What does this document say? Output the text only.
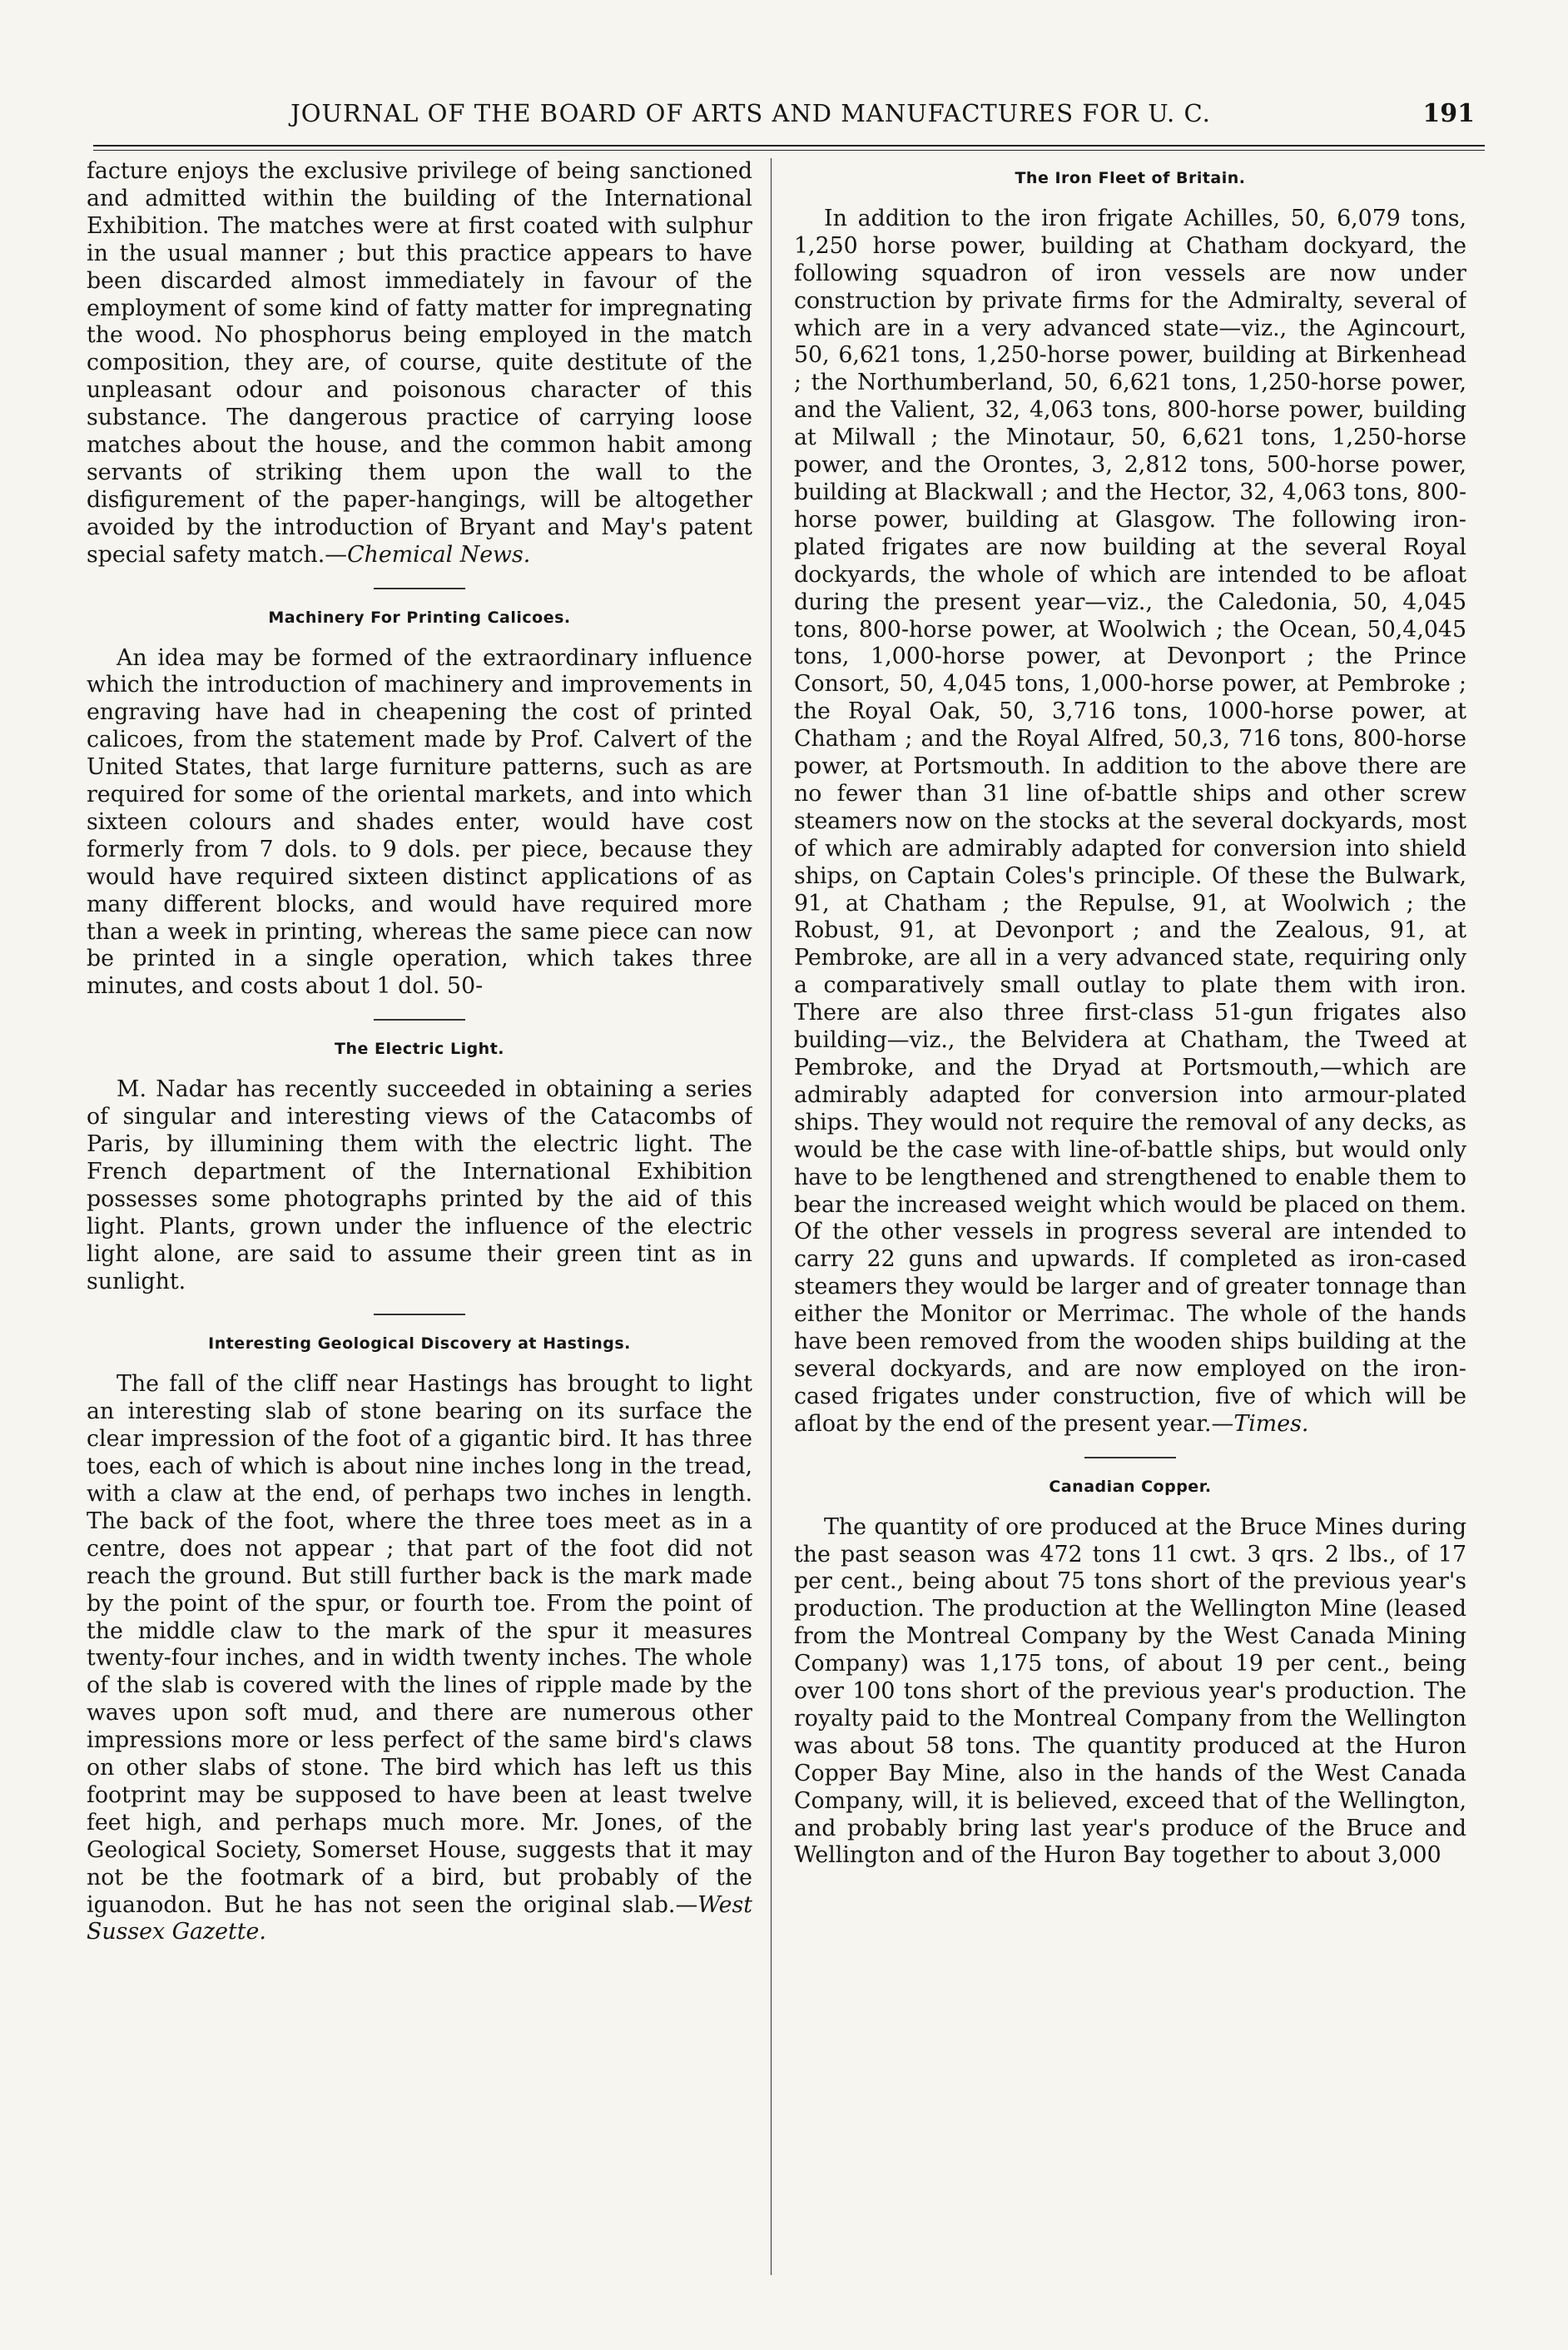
JOURNAL OF THE BOARD OF ARTS AND MANUFACTURES FOR U. C.	191

facture enjoys the exclusive privilege of being sanctioned and admitted within the building of the International Exhibition. The matches were at first coated with sulphur in the usual manner ; but this practice appears to have been discarded almost immediately in favour of the employment of some kind of fatty matter for impregnating the wood. No phosphorus being employed in the match composition, they are, of course, quite destitute of the unpleasant odour and poisonous character of this substance. The dangerous practice of carrying loose matches about the house, and the common habit among servants of striking them upon the wall to the disfigurement of the paper-hangings, will be altogether avoided by the introduction of Bryant and May's patent special safety match.—Chemical News.

Machinery For Printing Calicoes.

An idea may be formed of the extraordinary influence which the introduction of machinery and improvements in engraving have had in cheapening the cost of printed calicoes, from the statement made by Prof. Calvert of the United States, that large furniture patterns, such as are required for some of the oriental markets, and into which sixteen colours and shades enter, would have cost formerly from 7 dols. to 9 dols. per piece, because they would have required sixteen distinct applications of as many different blocks, and would have required more than a week in printing, whereas the same piece can now be printed in a single operation, which takes three minutes, and costs about 1 dol. 50-

The Electric Light.

M. Nadar has recently succeeded in obtaining a series of singular and interesting views of the Catacombs of Paris, by illumining them with the electric light. The French department of the International Exhibition possesses some photographs printed by the aid of this light. Plants, grown under the influence of the electric light alone, are said to assume their green tint as in sunlight.

Interesting Geological Discovery at Hastings.

The fall of the cliff near Hastings has brought to light an interesting slab of stone bearing on its surface the clear impression of the foot of a gigantic bird. It has three toes, each of which is about nine inches long in the tread, with a claw at the end, of perhaps two inches in length. The back of the foot, where the three toes meet as in a centre, does not appear ; that part of the foot did not reach the ground. But still further back is the mark made by the point of the spur, or fourth toe. From the point of the middle claw to the mark of the spur it measures twenty-four inches, and in width twenty inches. The whole of the slab is covered with the lines of ripple made by the waves upon soft mud, and there are numerous other impressions more or less perfect of the same bird's claws on other slabs of stone. The bird which has left us this footprint may be supposed to have been at least twelve feet high, and perhaps much more. Mr. Jones, of the Geological Society, Somerset House, suggests that it may not be the footmark of a bird, but probably of the iguanodon. But he has not seen the original slab.—West Sussex Gazette.

The Iron Fleet of Britain.

In addition to the iron frigate Achilles, 50, 6,079 tons, 1,250 horse power, building at Chatham dockyard, the following squadron of iron vessels are now under construction by private firms for the Admiralty, several of which are in a very advanced state—viz., the Agincourt, 50, 6,621 tons, 1,250-horse power, building at Birkenhead ; the Northumberland, 50, 6,621 tons, 1,250-horse power, and the Valient, 32, 4,063 tons, 800-horse power, building at Milwall ; the Minotaur, 50, 6,621 tons, 1,250-horse power, and the Orontes, 3, 2,812 tons, 500-horse power, building at Blackwall ; and the Hector, 32, 4,063 tons, 800-horse power, building at Glasgow. The following iron-plated frigates are now building at the several Royal dockyards, the whole of which are intended to be afloat during the present year—viz., the Caledonia, 50, 4,045 tons, 800-horse power, at Woolwich ; the Ocean, 50,4,045 tons, 1,000-horse power, at Devonport ; the Prince Consort, 50, 4,045 tons, 1,000-horse power, at Pembroke ; the Royal Oak, 50, 3,716 tons, 1000-horse power, at Chatham ; and the Royal Alfred, 50,3, 716 tons, 800-horse power, at Portsmouth. In addition to the above there are no fewer than 31 line of-battle ships and other screw steamers now on the stocks at the several dockyards, most of which are admirably adapted for conversion into shield ships, on Captain Coles's principle. Of these the Bulwark, 91, at Chatham ; the Repulse, 91, at Woolwich ; the Robust, 91, at Devonport ; and the Zealous, 91, at Pembroke, are all in a very advanced state, requiring only a comparatively small outlay to plate them with iron. There are also three first-class 51-gun frigates also building—viz., the Belvidera at Chatham, the Tweed at Pembroke, and the Dryad at Portsmouth,—which are admirably adapted for conversion into armour-plated ships. They would not require the removal of any decks, as would be the case with line-of-battle ships, but would only have to be lengthened and strengthened to enable them to bear the increased weight which would be placed on them. Of the other vessels in progress several are intended to carry 22 guns and upwards. If completed as iron-cased steamers they would be larger and of greater tonnage than either the Monitor or Merrimac. The whole of the hands have been removed from the wooden ships building at the several dockyards, and are now employed on the iron-cased frigates under construction, five of which will be afloat by the end of the present year.—Times.

Canadian Copper.

The quantity of ore produced at the Bruce Mines during the past season was 472 tons 11 cwt. 3 qrs. 2 lbs., of 17 per cent., being about 75 tons short of the previous year's production. The production at the Wellington Mine (leased from the Montreal Company by the West Canada Mining Company) was 1,175 tons, of about 19 per cent., being over 100 tons short of the previous year's production. The royalty paid to the Montreal Company from the Wellington was about 58 tons. The quantity produced at the Huron Copper Bay Mine, also in the hands of the West Canada Company, will, it is believed, exceed that of the Wellington, and probably bring last year's produce of the Bruce and Wellington and of the Huron Bay together to about 3,000
